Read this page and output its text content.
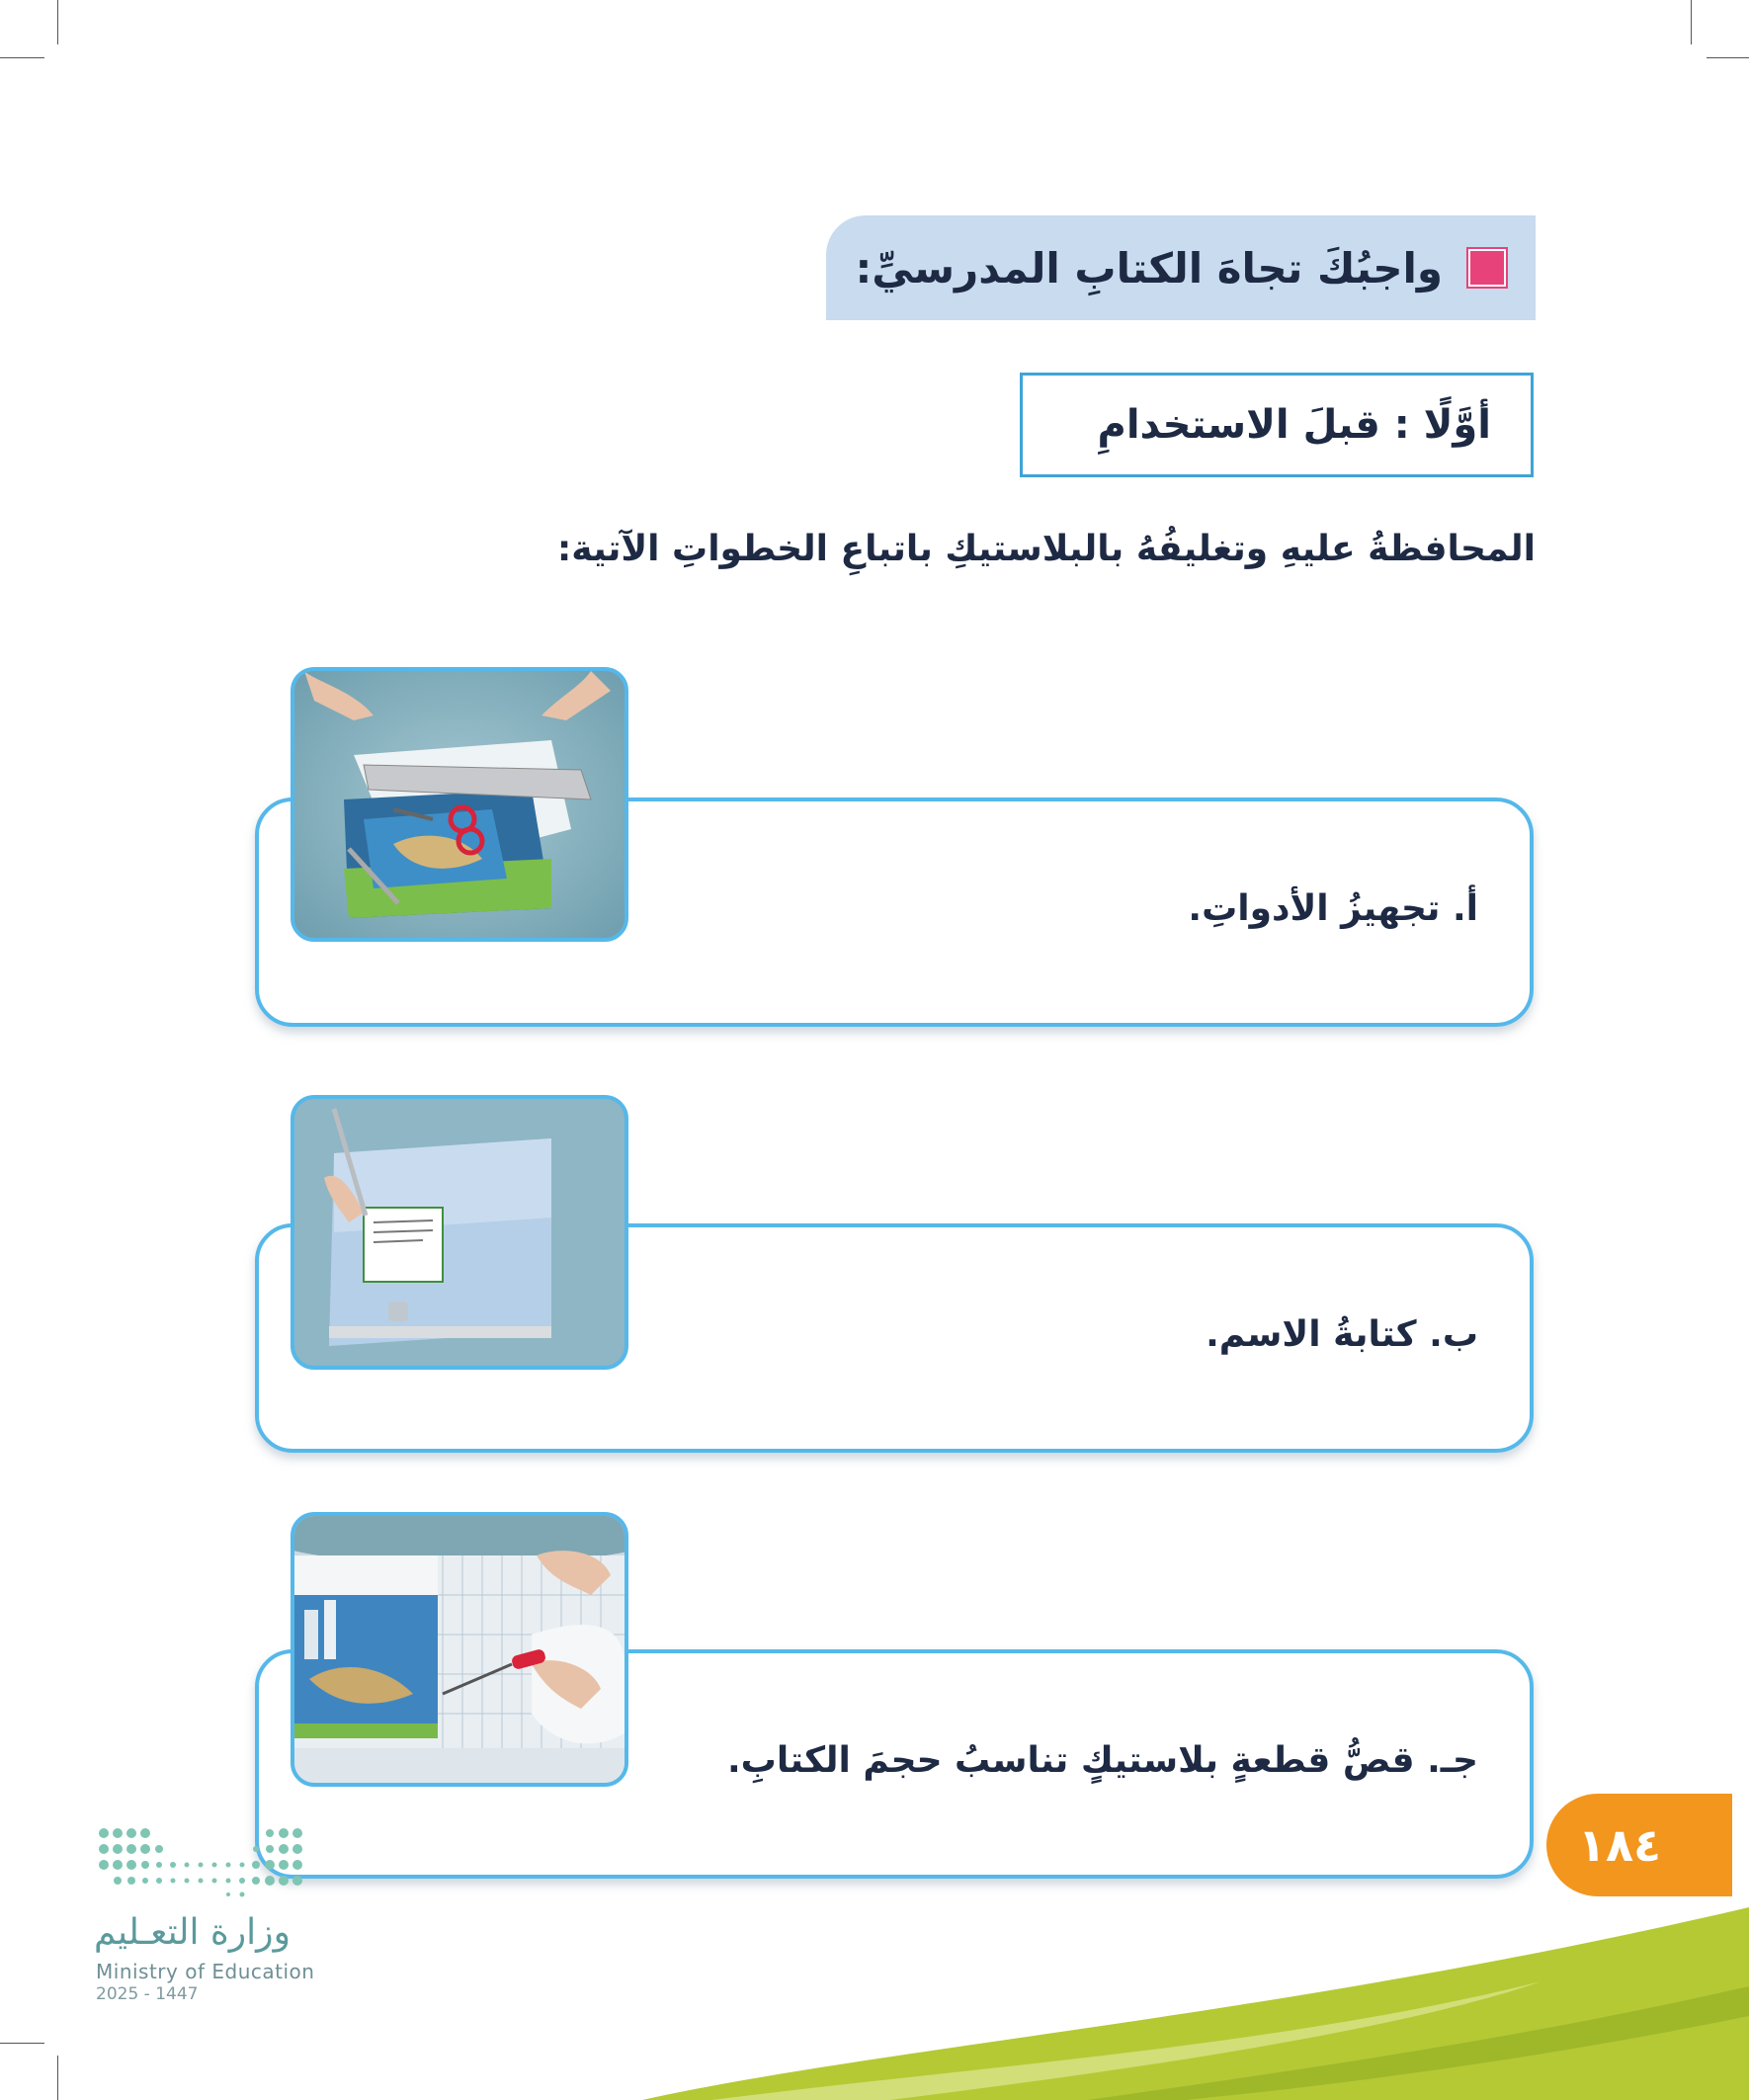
واجبُكَ تجاهَ الكتابِ المدرسيِّ:
أوَّلًا : قبلَ الاستخدامِ
المحافظةُ عليهِ وتغليفُهُ بالبلاستيكِ باتباعِ الخطواتِ الآتية:
أ. تجهيزُ الأدواتِ.
ب. كتابةُ الاسم.
جـ. قصُّ قطعةٍ بلاستيكٍ تناسبُ حجمَ الكتابِ.
وزارة التعـليم
Ministry of Education
2025 - 1447
١٨٤
